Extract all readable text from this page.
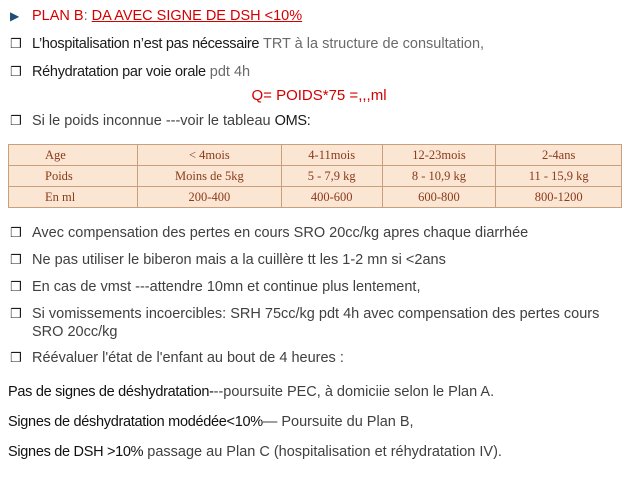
▶ PLAN B: DA AVEC SIGNE DE DSH <10%
❒ L’hospitalisation n’est pas nécessaire TRT à la structure de consultation,
❒ Réhydratation par voie orale pdt 4h
Q= POIDS*75 =,,,ml
❒ Si le poids inconnue ---voir le tableau OMS:
Age	< 4mois	4-11mois	12-23mois	2-4ans
Poids	Moins de 5kg	5 - 7,9 kg	8 - 10,9 kg	11 - 15,9 kg
En ml	200-400	400-600	600-800	800-1200
❒ Avec compensation des pertes en cours SRO 20cc/kg apres chaque diarrhée
❒ Ne pas utiliser le biberon mais a la cuillère tt les 1-2 mn si <2ans
❒ En cas de vmst ---attendre 10mn et continue plus lentement,
❒ Si vomissements incoercibles: SRH 75cc/kg pdt 4h avec compensation des pertes cours SRO 20cc/kg
❒ Réévaluer l'état de l'enfant au bout de 4 heures :
Pas de signes de déshydratation---poursuite PEC, à domiciie selon le Plan A.
Signes de déshydratation modédée<10%— Poursuite du Plan B,
Signes de DSH >10% passage au Plan C (hospitalisation et réhydratation IV).
